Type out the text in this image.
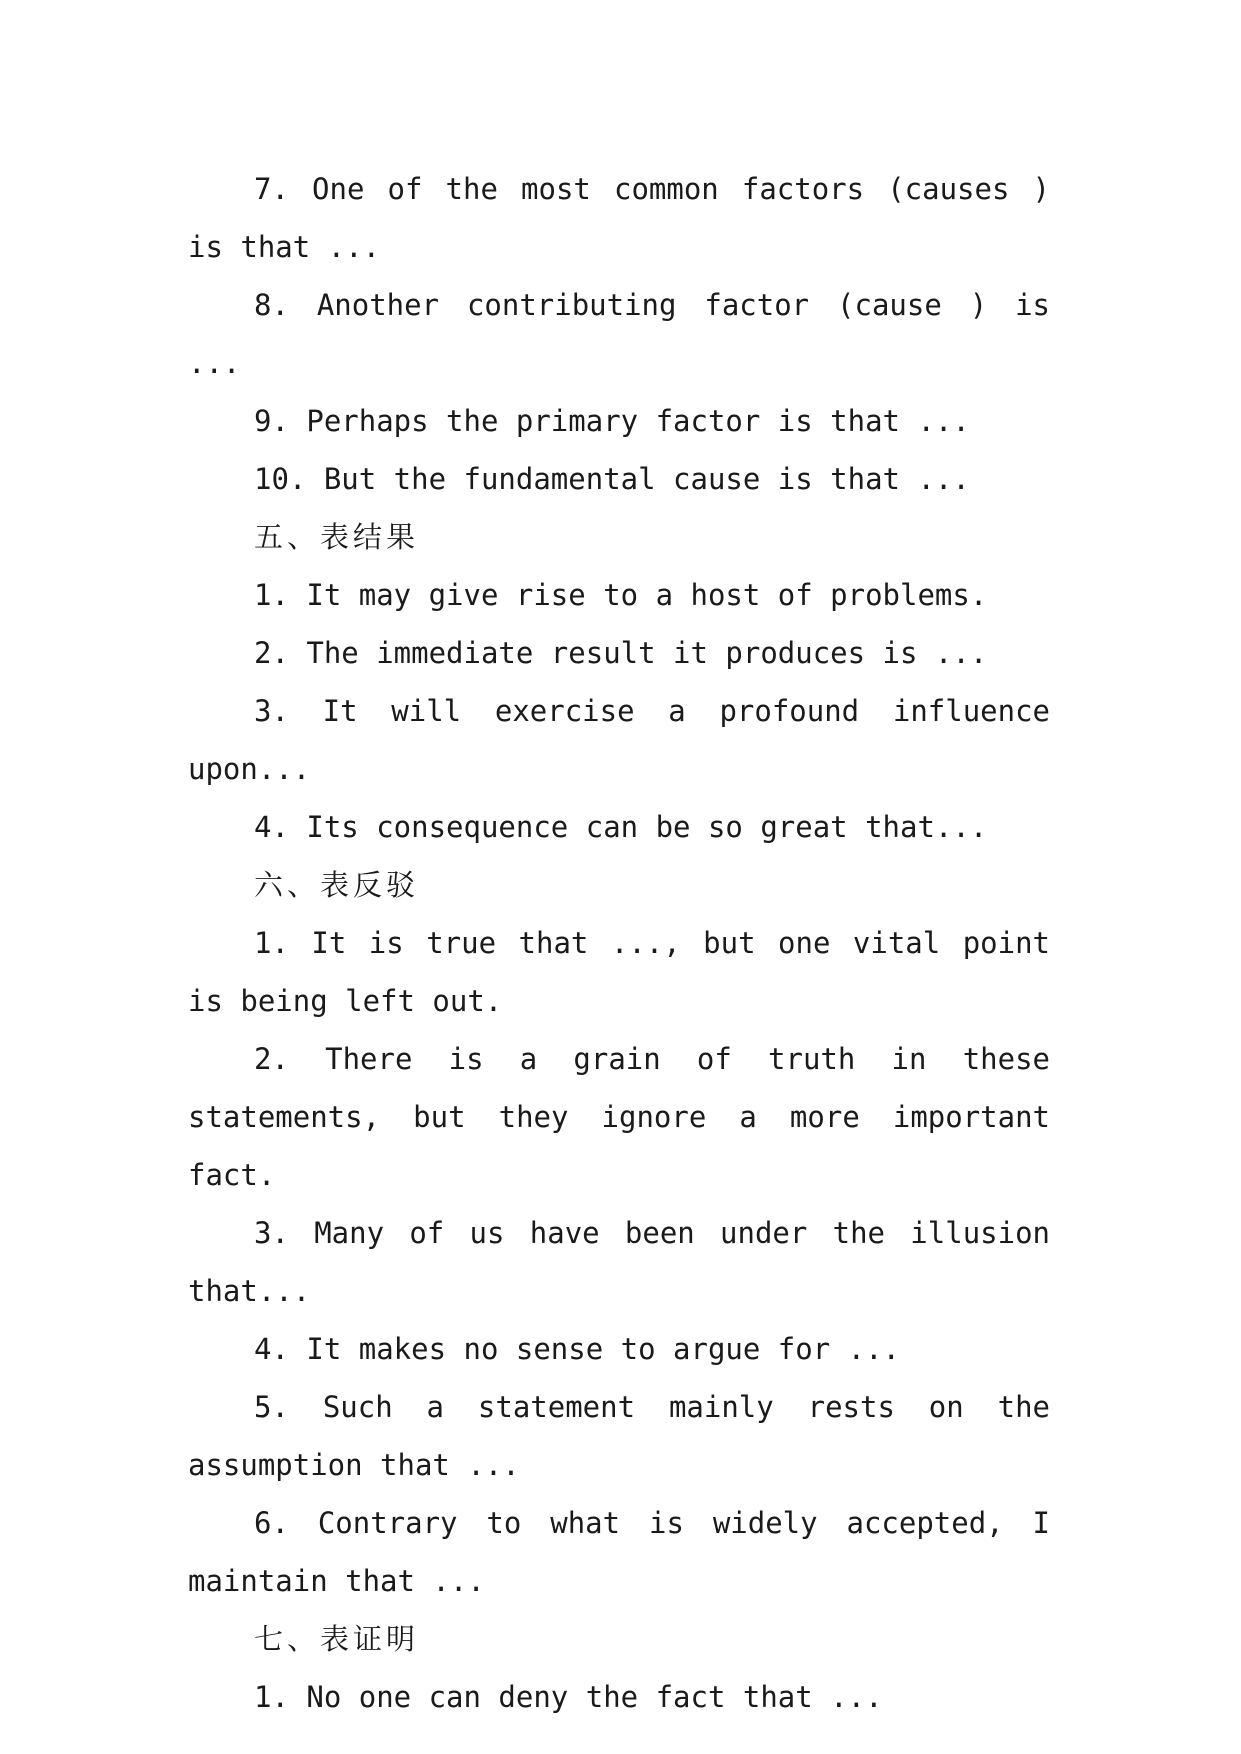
7. One of the most common factors (causes ) is that ...

8. Another contributing factor (cause ) is ...

9. Perhaps the primary factor is that ...

10. But the fundamental cause is that ...

五、表结果

1. It may give rise to a host of problems.

2. The immediate result it produces is ...

3. It will exercise a profound influence upon...

4. Its consequence can be so great that...

六、表反驳

1. It is true that ..., but one vital point is being left out.

2. There is a grain of truth in these statements, but they ignore a more important fact.

3. Many of us have been under the illusion that...

4. It makes no sense to argue for ...

5. Such a statement mainly rests on the assumption that ...

6. Contrary to what is widely accepted, I maintain that ...

七、表证明

1. No one can deny the fact that ...
